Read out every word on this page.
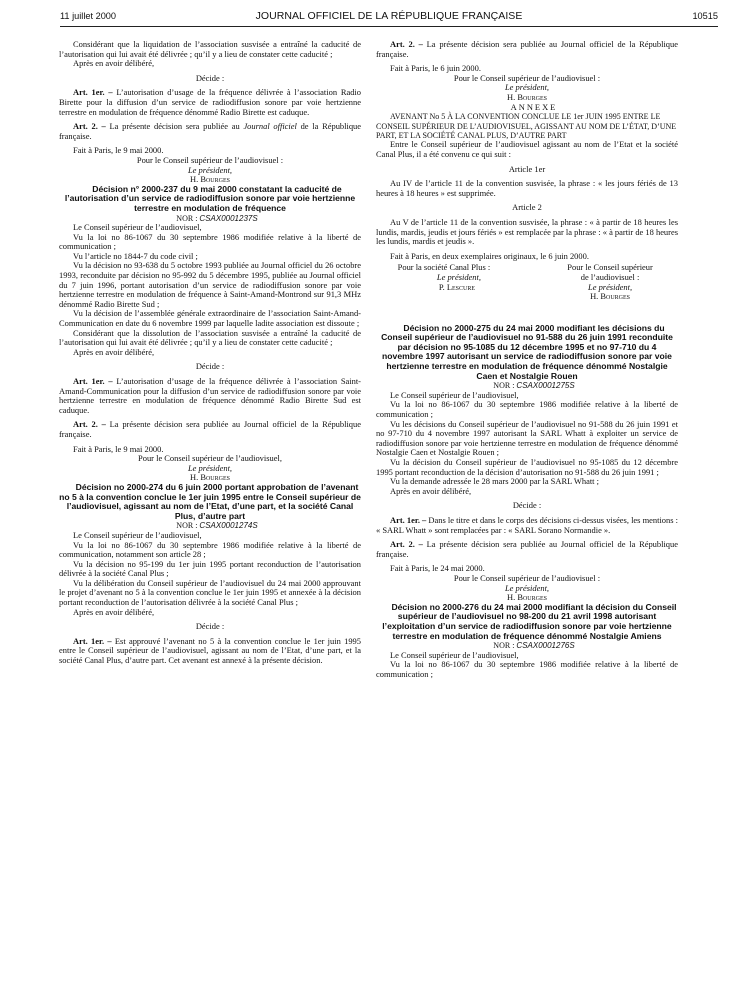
11 juillet 2000	JOURNAL OFFICIEL DE LA RÉPUBLIQUE FRANÇAISE	10515

Considérant que la liquidation de l’association susvisée a entraîné la caducité de l’autorisation qui lui avait été délivrée ; qu’il y a lieu de constater cette caducité ;

Après en avoir délibéré,

Décide :

Art. 1er. – L’autorisation d’usage de la fréquence délivrée à l’association Radio Birette pour la diffusion d’un service de radiodiffusion sonore par voie hertzienne terrestre en modulation de fréquence dénommé Radio Birette est caduque.

Art. 2. – La présente décision sera publiée au Journal officiel de la République française.

Fait à Paris, le 9 mai 2000.

Pour le Conseil supérieur de l’audiovisuel :

Le président,

H. Bourges

Décision n° 2000-237 du 9 mai 2000 constatant la caducité de l’autorisation d’un service de radiodiffusion sonore par voie hertzienne terrestre en modulation de fréquence

NOR : CSAX0001237S

Le Conseil supérieur de l’audiovisuel,

Vu la loi no 86-1067 du 30 septembre 1986 modifiée relative à la liberté de communication ;

Vu l’article no 1844-7 du code civil ;

Vu la décision no 93-638 du 5 octobre 1993 publiée au Journal officiel du 26 octobre 1993, reconduite par décision no 95-992 du 5 décembre 1995, publiée au Journal officiel du 7 juin 1996, portant autorisation d’un service de radiodiffusion sonore par voie hertzienne terrestre en modulation de fréquence à Saint-Amand-Montrond sur 91,3 MHz dénommé Radio Birette Sud ;

Vu la décision de l’assemblée générale extraordinaire de l’association Saint-Amand-Communication en date du 6 novembre 1999 par laquelle ladite association est dissoute ;

Considérant que la dissolution de l’association susvisée a entraîné la caducité de l’autorisation qui lui avait été délivrée ; qu’il y a lieu de constater cette caducité ;

Après en avoir délibéré,

Décide :

Art. 1er. – L’autorisation d’usage de la fréquence délivrée à l’association Saint-Amand-Communication pour la diffusion d’un service de radiodiffusion sonore par voie hertzienne terrestre en modulation de fréquence dénommé Radio Birette Sud est caduque.

Art. 2. – La présente décision sera publiée au Journal officiel de la République française.

Fait à Paris, le 9 mai 2000.

Pour le Conseil supérieur de l’audiovisuel,

Le président,

H. Bourges

Décision no 2000-274 du 6 juin 2000 portant approbation de l’avenant no 5 à la convention conclue le 1er juin 1995 entre le Conseil supérieur de l’audiovisuel, agissant au nom de l’Etat, d’une part, et la société Canal Plus, d’autre part

NOR : CSAX0001274S

Le Conseil supérieur de l’audiovisuel,

Vu la loi no 86-1067 du 30 septembre 1986 modifiée relative à la liberté de communication, notamment son article 28 ;

Vu la décision no 95-199 du 1er juin 1995 portant reconduction de l’autorisation délivrée à la société Canal Plus ;

Vu la délibération du Conseil supérieur de l’audiovisuel du 24 mai 2000 approuvant le projet d’avenant no 5 à la convention conclue le 1er juin 1995 et annexée à la décision portant reconduction de l’autorisation délivrée à la société Canal Plus ;

Après en avoir délibéré,

Décide :

Art. 1er. – Est approuvé l’avenant no 5 à la convention conclue le 1er juin 1995 entre le Conseil supérieur de l’audiovisuel, agissant au nom de l’Etat, d’une part, et la société Canal Plus, d’autre part. Cet avenant est annexé à la présente décision.

Art. 2. – La présente décision sera publiée au Journal officiel de la République française.

Fait à Paris, le 6 juin 2000.

Pour le Conseil supérieur de l’audiovisuel :

Le président,

H. Bourges

ANNEXE

AVENANT No 5 À LA CONVENTION CONCLUE LE 1er JUIN 1995 ENTRE LE CONSEIL SUPÉRIEUR DE L’AUDIOVISUEL, AGISSANT AU NOM DE L’ÉTAT, D’UNE PART, ET LA SOCIÉTÉ CANAL PLUS, D’AUTRE PART

Entre le Conseil supérieur de l’audiovisuel agissant au nom de l’Etat et la société Canal Plus, il a été convenu ce qui suit :

Article 1er

Au IV de l’article 11 de la convention susvisée, la phrase : « les jours fériés de 13 heures à 18 heures » est supprimée.

Article 2

Au V de l’article 11 de la convention susvisée, la phrase : « à partir de 18 heures les lundis, mardis, jeudis et jours fériés » est remplacée par la phrase : « à partir de 18 heures les lundis, mardis et jeudis ».

Fait à Paris, en deux exemplaires originaux, le 6 juin 2000.

Pour la société Canal Plus :
Le président,
P. Lescure
Pour le Conseil supérieur
de l’audiovisuel :
Le président,
H. Bourges

Décision no 2000-275 du 24 mai 2000 modifiant les décisions du Conseil supérieur de l’audiovisuel no 91-588 du 26 juin 1991 reconduite par décision no 95-1085 du 12 décembre 1995 et no 97-710 du 4 novembre 1997 autorisant un service de radiodiffusion sonore par voie hertzienne terrestre en modulation de fréquence dénommé Nostalgie Caen et Nostalgie Rouen

NOR : CSAX0001275S

Le Conseil supérieur de l’audiovisuel,

Vu la loi no 86-1067 du 30 septembre 1986 modifiée relative à la liberté de communication ;

Vu les décisions du Conseil supérieur de l’audiovisuel no 91-588 du 26 juin 1991 et no 97-710 du 4 novembre 1997 autorisant la SARL Whatt à exploiter un service de radiodiffusion sonore par voie hertzienne terrestre en modulation de fréquence dénommé Nostalgie Caen et Nostalgie Rouen ;

Vu la décision du Conseil supérieur de l’audiovisuel no 95-1085 du 12 décembre 1995 portant reconduction de la décision d’autorisation no 91-588 du 26 juin 1991 ;

Vu la demande adressée le 28 mars 2000 par la SARL Whatt ;

Après en avoir délibéré,

Décide :

Art. 1er. – Dans le titre et dans le corps des décisions ci-dessus visées, les mentions : « SARL Whatt » sont remplacées par : « SARL Sorano Normandie ».

Art. 2. – La présente décision sera publiée au Journal officiel de la République française.

Fait à Paris, le 24 mai 2000.

Pour le Conseil supérieur de l’audiovisuel :

Le président,

H. Bourges

Décision no 2000-276 du 24 mai 2000 modifiant la décision du Conseil supérieur de l’audiovisuel no 98-200 du 21 avril 1998 autorisant l’exploitation d’un service de radiodiffusion sonore par voie hertzienne terrestre en modulation de fréquence dénommé Nostalgie Amiens

NOR : CSAX0001276S

Le Conseil supérieur de l’audiovisuel,

Vu la loi no 86-1067 du 30 septembre 1986 modifiée relative à la liberté de communication ;
